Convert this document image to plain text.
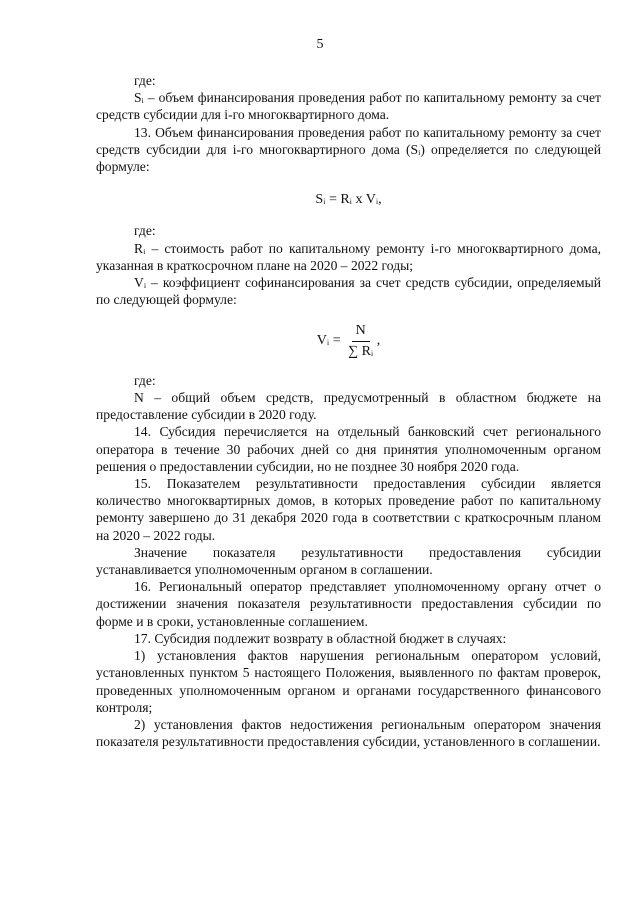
5

где:

Sᵢ – объем финансирования проведения работ по капитальному ремонту за счет средств субсидии для i-го многоквартирного дома.

13. Объем финансирования проведения работ по капитальному ремонту за счет средств субсидии для i-го многоквартирного дома (Sᵢ) определяется по следующей формуле:

Sᵢ = Rᵢ x Vᵢ,

где:

Rᵢ – стоимость работ по капитальному ремонту i-го многоквартирного дома, указанная в краткосрочном плане на 2020 – 2022 годы;

Vᵢ – коэффициент софинансирования за счет средств субсидии, определяемый по следующей формуле:

Vᵢ = $\frac{N}{\text{∑ Rᵢ}}$ ,

где:

N – общий объем средств, предусмотренный в областном бюджете на предоставление субсидии в 2020 году.

14. Субсидия перечисляется на отдельный банковский счет регионального оператора в течение 30 рабочих дней со дня принятия уполномоченным органом решения о предоставлении субсидии, но не позднее 30 ноября 2020 года.

15. Показателем результативности предоставления субсидии является количество многоквартирных домов, в которых проведение работ по капитальному ремонту завершено до 31 декабря 2020 года в соответствии с краткосрочным планом на 2020 – 2022 годы.

Значение показателя результативности предоставления субсидии устанавливается уполномоченным органом в соглашении.

16. Региональный оператор представляет уполномоченному органу отчет о достижении значения показателя результативности предоставления субсидии по форме и в сроки, установленные соглашением.

17. Субсидия подлежит возврату в областной бюджет в случаях:

1) установления фактов нарушения региональным оператором условий, установленных пунктом 5 настоящего Положения, выявленного по фактам проверок, проведенных уполномоченным органом и органами государственного финансового контроля;

2) установления фактов недостижения региональным оператором значения показателя результативности предоставления субсидии, установленного в соглашении.
